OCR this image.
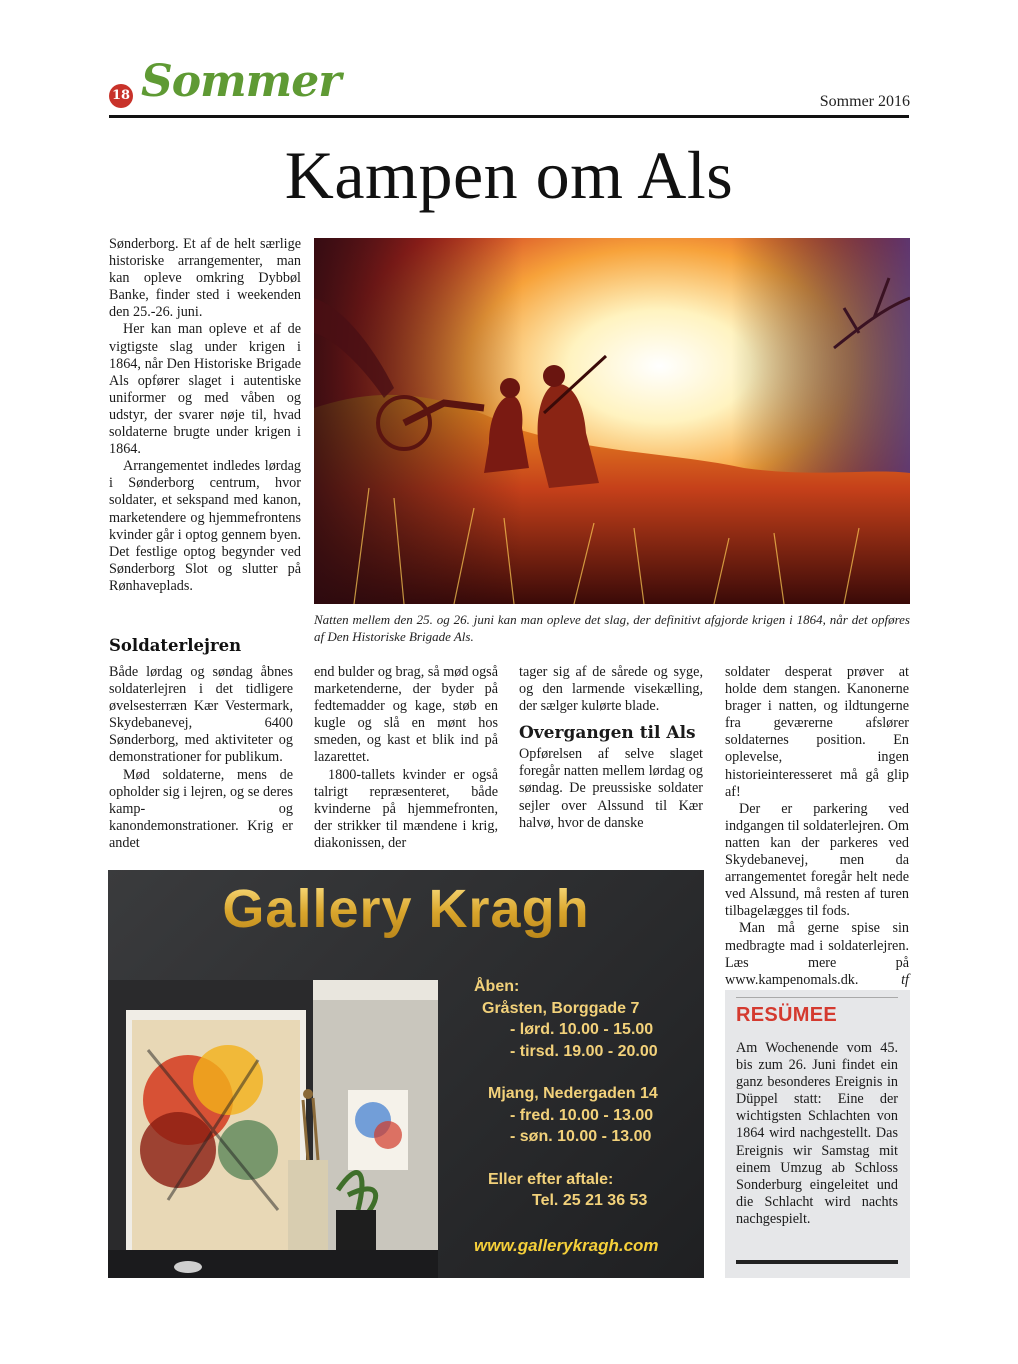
18 Sommer	Sommer 2016
Kampen om Als

Sønderborg. Et af de helt særlige historiske arrangementer, man kan opleve omkring Dybbøl Banke, finder sted i weekenden den 25.-26. juni.

Her kan man opleve et af de vigtigste slag under krigen i 1864, når Den Historiske Brigade Als opfører slaget i autentiske uniformer og med våben og udstyr, der svarer nøje til, hvad soldaterne brugte under krigen i 1864.

Arrangementet indledes lørdag i Sønderborg centrum, hvor soldater, et sekspand med kanon, marketendere og hjemmefrontens kvinder går i optog gennem byen. Det festlige optog begynder ved Sønderborg Slot og slutter på Rønhaveplads.

Natten mellem den 25. og 26. juni kan man opleve det slag, der definitivt afgjorde krigen i 1864, når det opføres af Den Historiske Brigade Als.
Soldaterlejren

Både lørdag og søndag åbnes soldaterlejren i det tidligere øvelsesterræn Kær Vestermark, Skydebanevej, 6400 Sønderborg, med aktiviteter og demonstrationer for publikum.

Mød soldaterne, mens de opholder sig i lejren, og se deres kamp- og kanondemonstrationer. Krig er andet

end bulder og brag, så mød også marketenderne, der byder på fedtemadder og kage, støb en kugle og slå en mønt hos smeden, og kast et blik ind på lazarettet.

1800-tallets kvinder er også talrigt repræsenteret, både kvinderne på hjemmefronten, der strikker til mændene i krig, diakonissen, der

tager sig af de sårede og syge, og den larmende visekælling, der sælger kulørte blade.

Overgangen til Als

Opførelsen af selve slaget foregår natten mellem lørdag og søndag. De preussiske soldater sejler over Alssund til Kær halvø, hvor de danske

soldater desperat prøver at holde dem stangen. Kanonerne brager i natten, og ildtungerne fra geværerne afslører soldaternes position. En oplevelse, ingen historieinteresseret må gå glip af!

Der er parkering ved indgangen til soldaterlejren. Om natten kan der parkeres ved Skydebanevej, men da arrangementet foregår helt nede ved Alssund, må resten af turen tilbagelægges til fods.

Man må gerne spise sin medbragte mad i soldaterlejren. Læs mere på www.kampenomals.dk.	tf

Gallery Kragh
Åben:
Gråsten, Borggade 7
- lørd. 10.00 - 15.00
- tirsd. 19.00 - 20.00
Mjang, Nedergaden 14
- fred. 10.00 - 13.00
- søn. 10.00 - 13.00
Eller efter aftale:
Tel. 25 21 36 53
www.gallerykragh.com
RESÜMEE
Am Wochenende vom 45. bis zum 26. Juni findet ein ganz besonderes Ereignis in Düppel statt: Eine der wichtigsten Schlachten von 1864 wird nachgestellt. Das Ereignis wir Samstag mit einem Umzug ab Schloss Sonderburg eingeleitet und die Schlacht wird nachts nachgespielt.
